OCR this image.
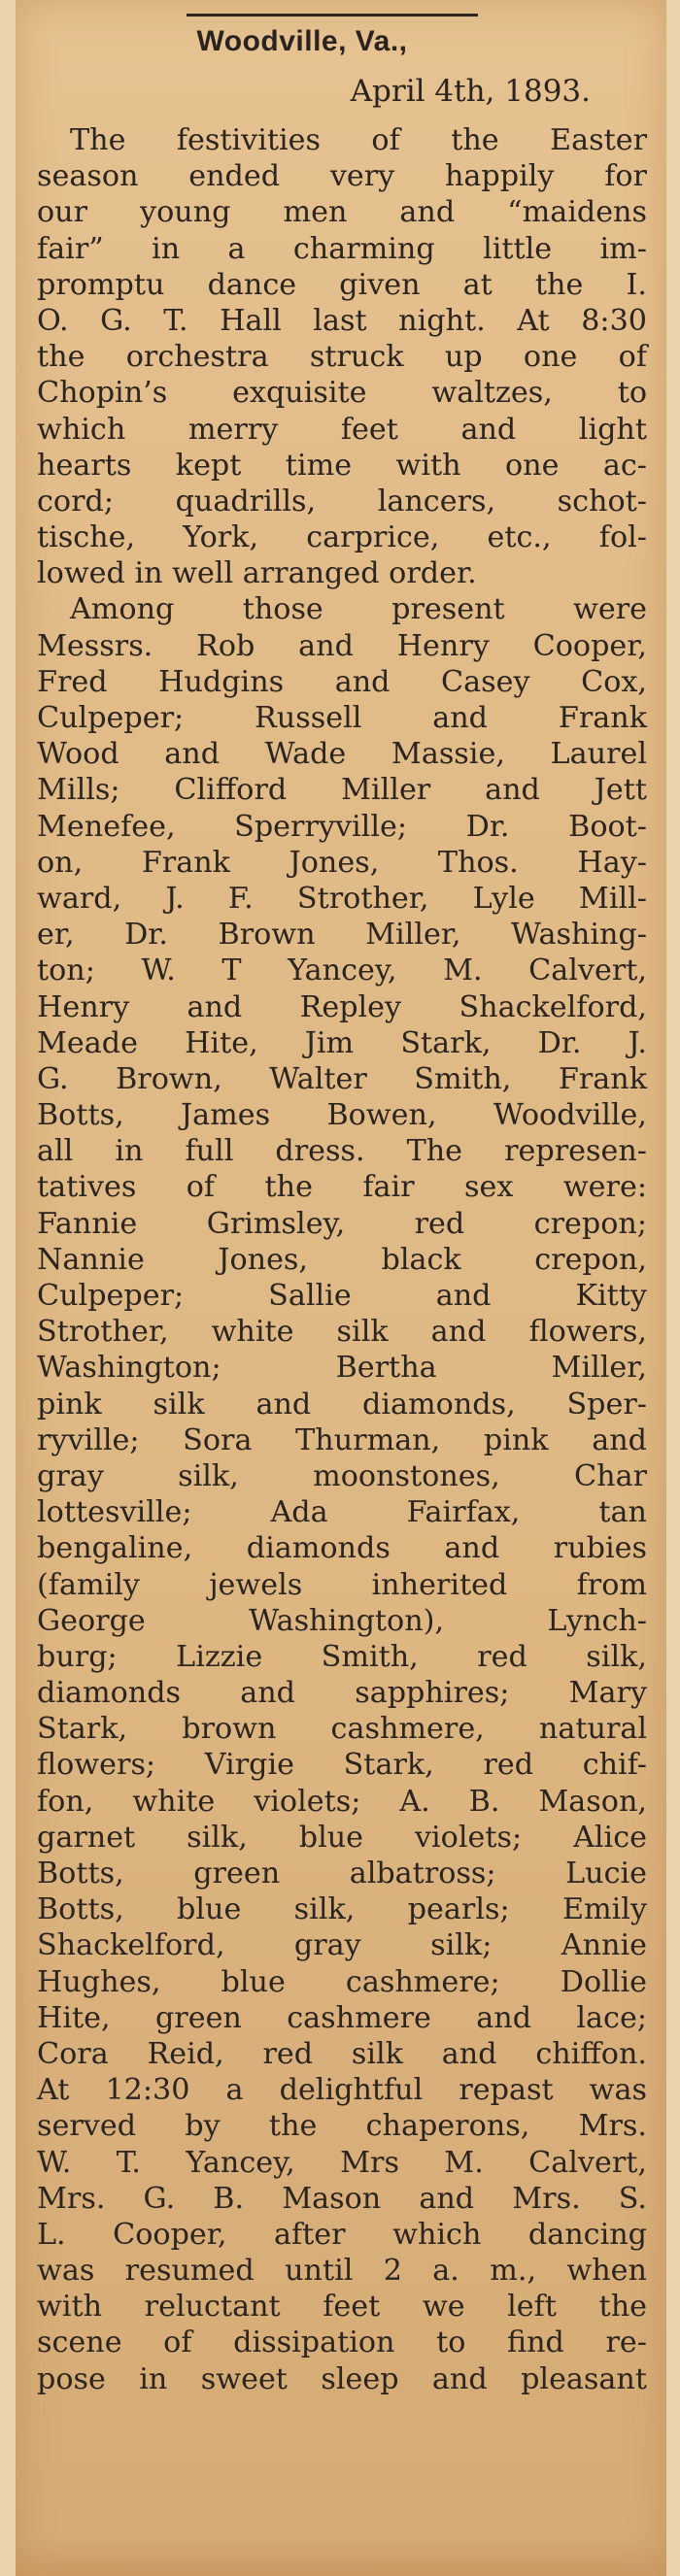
Woodville, Va.,
April 4th, 1893.
The festivities of the Easter
season ended very happily for
our young men and “maidens
fair” in a charming little im-
promptu dance given at the I.
O. G. T. Hall last night. At 8:30
the orchestra struck up one of
Chopin’s exquisite waltzes, to
which merry feet and light
hearts kept time with one ac-
cord; quadrills, lancers, schot-
tische, York, carprice, etc., fol-
lowed in well arranged order.
Among those present were
Messrs. Rob and Henry Cooper,
Fred Hudgins and Casey Cox,
Culpeper; Russell and Frank
Wood and Wade Massie, Laurel
Mills; Clifford Miller and Jett
Menefee, Sperryville; Dr. Boot-
on, Frank Jones, Thos. Hay-
ward, J. F. Strother, Lyle Mill-
er, Dr. Brown Miller, Washing-
ton; W. T Yancey, M. Calvert,
Henry and Repley Shackelford,
Meade Hite, Jim Stark, Dr. J.
G. Brown, Walter Smith, Frank
Botts, James Bowen, Woodville,
all in full dress. The represen-
tatives of the fair sex were:
Fannie Grimsley, red crepon;
Nannie Jones, black crepon,
Culpeper; Sallie and Kitty
Strother, white silk and flowers,
Washington; Bertha Miller,
pink silk and diamonds, Sper-
ryville; Sora Thurman, pink and
gray silk, moonstones, Char
lottesville; Ada Fairfax, tan
bengaline, diamonds and rubies
(family jewels inherited from
George Washington), Lynch-
burg; Lizzie Smith, red silk,
diamonds and sapphires; Mary
Stark, brown cashmere, natural
flowers; Virgie Stark, red chif-
fon, white violets; A. B. Mason,
garnet silk, blue violets; Alice
Botts, green albatross; Lucie
Botts, blue silk, pearls; Emily
Shackelford, gray silk; Annie
Hughes, blue cashmere; Dollie
Hite, green cashmere and lace;
Cora Reid, red silk and chiffon.
At 12:30 a delightful repast was
served by the chaperons, Mrs.
W. T. Yancey, Mrs M. Calvert,
Mrs. G. B. Mason and Mrs. S.
L. Cooper, after which dancing
was resumed until 2 a. m., when
with reluctant feet we left the
scene of dissipation to find re-
pose in sweet sleep and pleasant
